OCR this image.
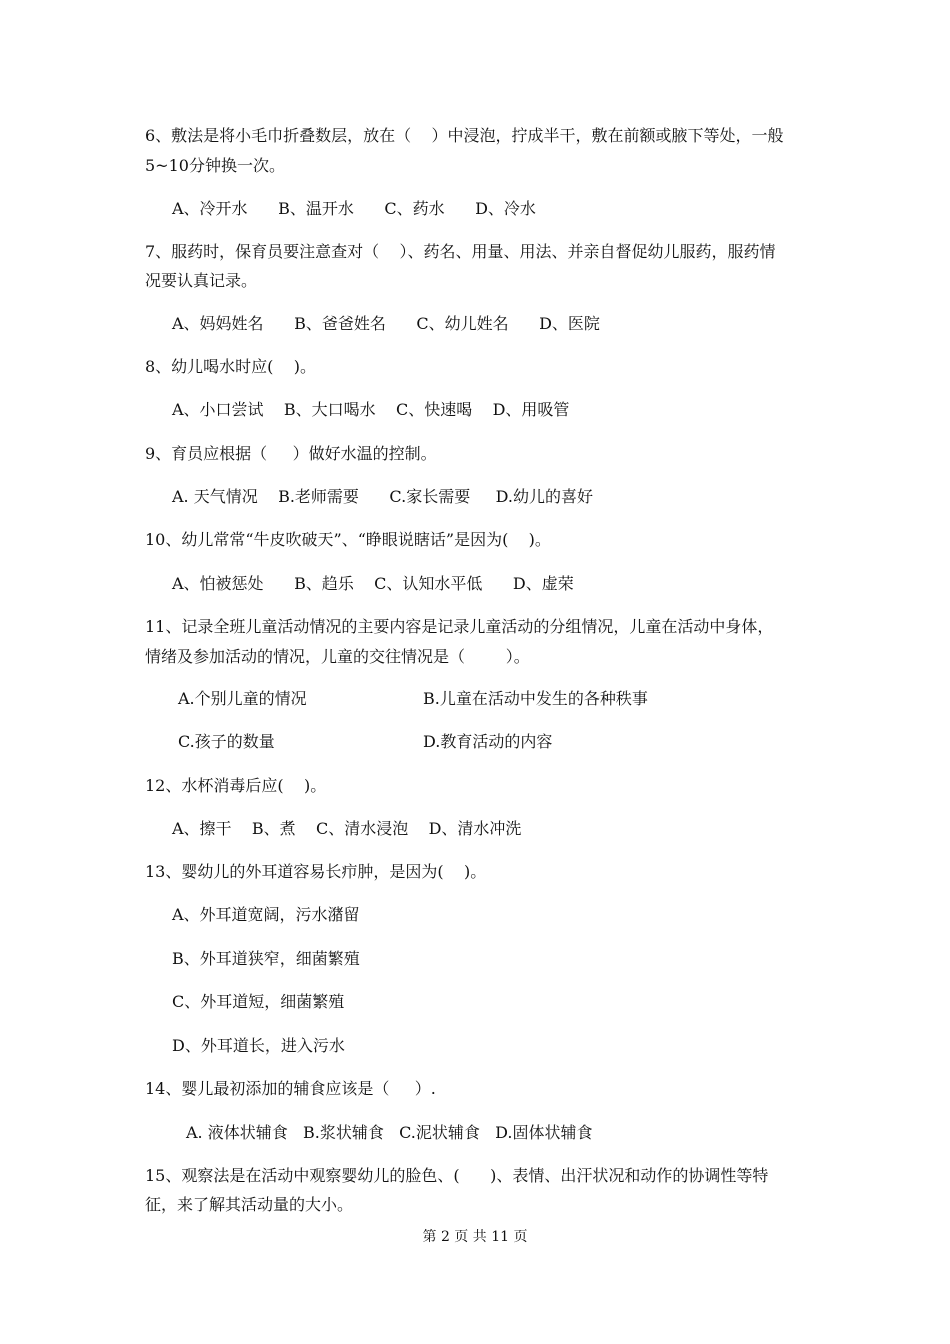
6、敷法是将小毛巾折叠数层，放在（    ）中浸泡，拧成半干，敷在前额或腋下等处，一般
5~10分钟换一次。
A、冷开水      B、温开水      C、药水      D、冷水
7、服药时，保育员要注意查对（    ）、药名、用量、用法、并亲自督促幼儿服药，服药情
况要认真记录。
A、妈妈姓名      B、爸爸姓名      C、幼儿姓名      D、医院
8、幼儿喝水时应(    )。
A、小口尝试    B、大口喝水    C、快速喝    D、用吸管
9、育员应根据（     ）做好水温的控制。
A. 天气情况    B.老师需要      C.家长需要     D.幼儿的喜好
10、幼儿常常“牛皮吹破天”、“睁眼说瞎话”是因为(    )。
A、怕被惩处      B、趋乐    C、认知水平低      D、虚荣
11、记录全班儿童活动情况的主要内容是记录儿童活动的分组情况，儿童在活动中身体，
情绪及参加活动的情况，儿童的交往情况是（        ）。
A.个别儿童的情况	B.儿童在活动中发生的各种秩事
C.孩子的数量	D.教育活动的内容
12、水杯消毒后应(    )。
A、擦干    B、煮    C、清水浸泡    D、清水冲洗
13、婴幼儿的外耳道容易长疖肿，是因为(    )。
A、外耳道宽阔，污水潴留
B、外耳道狭窄，细菌繁殖
C、外耳道短，细菌繁殖
D、外耳道长，进入污水
14、婴儿最初添加的辅食应该是（     ）.
A. 液体状辅食   B.浆状辅食   C.泥状辅食   D.固体状辅食
15、观察法是在活动中观察婴幼儿的脸色、(      )、表情、出汗状况和动作的协调性等特
征，来了解其活动量的大小。
第 2 页 共 11 页
